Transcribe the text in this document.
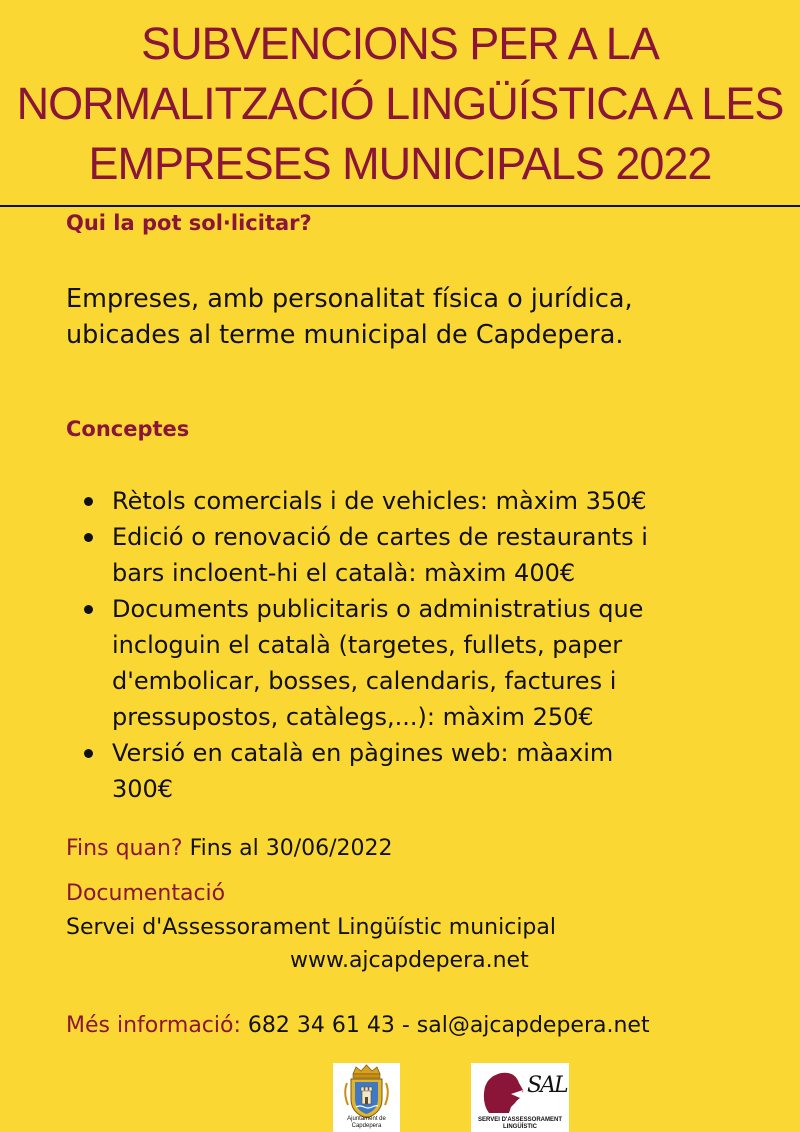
SUBVENCIONS PER A LA
NORMALITZACIÓ LINGÜÍSTICA A LES
EMPRESES MUNICIPALS 2022
Qui la pot sol·licitar?
Empreses, amb personalitat física o jurídica,
ubicades al terme municipal de Capdepera.
Conceptes
Rètols comercials i de vehicles: màxim 350€
Edició o renovació de cartes de restaurants i
bars incloent-hi el català: màxim 400€
Documents publicitaris o administratius que
incloguin el català (targetes, fullets, paper
d'embolicar, bosses, calendaris, factures i
pressupostos, catàlegs,...): màxim 250€
Versió en català en pàgines web: màaxim
300€
Fins quan? Fins al 30/06/2022
Documentació
Servei d'Assessorament Lingüístic municipal
www.ajcapdepera.net
Més informació: 682 34 61 43 - sal@ajcapdepera.net
Ajuntament de Capdepera
SAL
SERVEI D'ASSESSORAMENT
LINGÜÍSTIC
